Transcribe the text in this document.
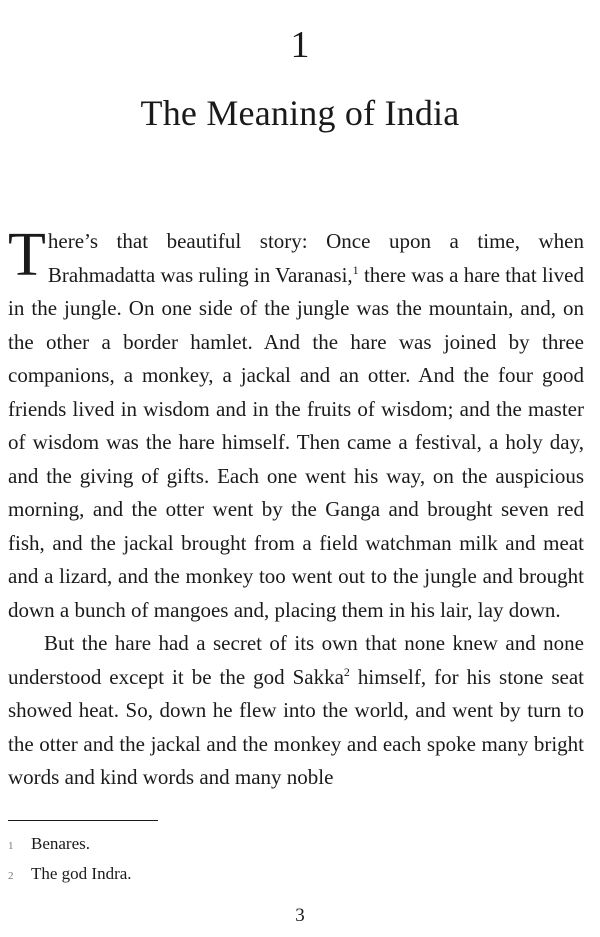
1
The Meaning of India

There’s that beautiful story: Once upon a time, when Brahmadatta was ruling in Varanasi,$^1$ there was a hare that lived in the jungle. On one side of the jungle was the mountain, and, on the other a border hamlet. And the hare was joined by three companions, a monkey, a jackal and an otter. And the four good friends lived in wisdom and in the fruits of wisdom; and the master of wisdom was the hare himself. Then came a festival, a holy day, and the giving of gifts. Each one went his way, on the auspicious morning, and the otter went by the Ganga and brought seven red fish, and the jackal brought from a field watchman milk and meat and a lizard, and the monkey too went out to the jungle and brought down a bunch of mangoes and, placing them in his lair, lay down.

But the hare had a secret of its own that none knew and none understood except it be the god Sakka$^2$ himself, for his stone seat showed heat. So, down he flew into the world, and went by turn to the otter and the jackal and the monkey and each spoke many bright words and kind words and many noble

1	Benares.
2	The god Indra.
3
